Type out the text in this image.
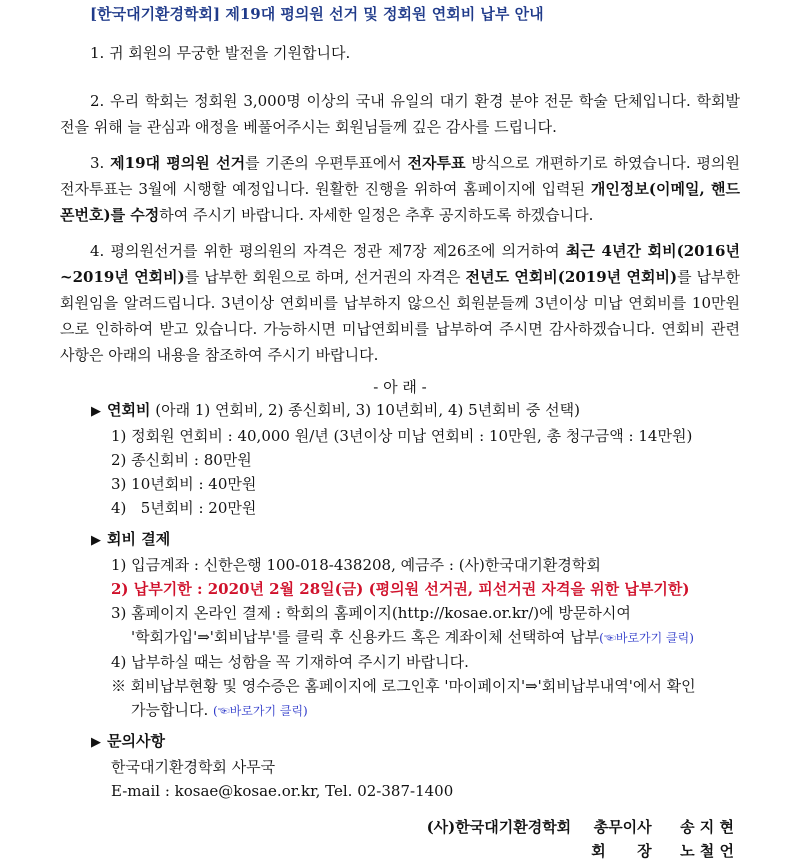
[한국대기환경학회] 제19대 평의원 선거 및 정회원 연회비 납부 안내

1. 귀 회원의 무궁한 발전을 기원합니다.

2. 우리 학회는 정회원 3,000명 이상의 국내 유일의 대기 환경 분야 전문 학술 단체입니다. 학회발전을 위해 늘 관심과 애정을 베풀어주시는 회원님들께 깊은 감사를 드립니다.

3. 제19대 평의원 선거를 기존의 우편투표에서 전자투표 방식으로 개편하기로 하였습니다. 평의원 전자투표는 3월에 시행할 예정입니다. 원활한 진행을 위하여 홈페이지에 입력된 개인정보(이메일, 핸드폰번호)를 수정하여 주시기 바랍니다. 자세한 일정은 추후 공지하도록 하겠습니다.

4. 평의원선거를 위한 평의원의 자격은 정관 제7장 제26조에 의거하여 최근 4년간 회비(2016년~2019년 연회비)를 납부한 회원으로 하며, 선거권의 자격은 전년도 연회비(2019년 연회비)를 납부한 회원임을 알려드립니다. 3년이상 연회비를 납부하지 않으신 회원분들께 3년이상 미납 연회비를 10만원으로 인하하여 받고 있습니다. 가능하시면 미납연회비를 납부하여 주시면 감사하겠습니다. 연회비 관련사항은 아래의 내용을 참조하여 주시기 바랍니다.

- 아 래 -

▶ 연회비 (아래 1) 연회비, 2) 종신회비, 3) 10년회비, 4) 5년회비 중 선택)

1) 정회원 연회비 : 40,000 원/년 (3년이상 미납 연회비 : 10만원, 총 청구금액 : 14만원)

2) 종신회비 : 80만원

3) 10년회비 : 40만원

4)   5년회비 : 20만원

▶ 회비 결제

1) 입금계좌 : 신한은행 100-018-438208, 예금주 : (사)한국대기환경학회

2) 납부기한 : 2020년 2월 28일(금) (평의원 선거권, 피선거권 자격을 위한 납부기한)

3) 홈페이지 온라인 결제 : 학회의 홈페이지(http://kosae.or.kr/)에 방문하시여

'학회가입'⇒'회비납부'를 클릭 후 신용카드 혹은 계좌이체 선택하여 납부(☜바로가기 클릭)

4) 납부하실 때는 성함을 꼭 기재하여 주시기 바랍니다.

※ 회비납부현황 및 영수증은 홈페이지에 로그인후 '마이페이지'⇒'회비납부내역'에서 확인

가능합니다. (☜바로가기 클릭)

▶ 문의사항

한국대기환경학회 사무국

E-mail : kosae@kosae.or.kr, Tel. 02-387-1400

(사)한국대기환경학회 총무이사 송 지 현
회      장 노 철 언
